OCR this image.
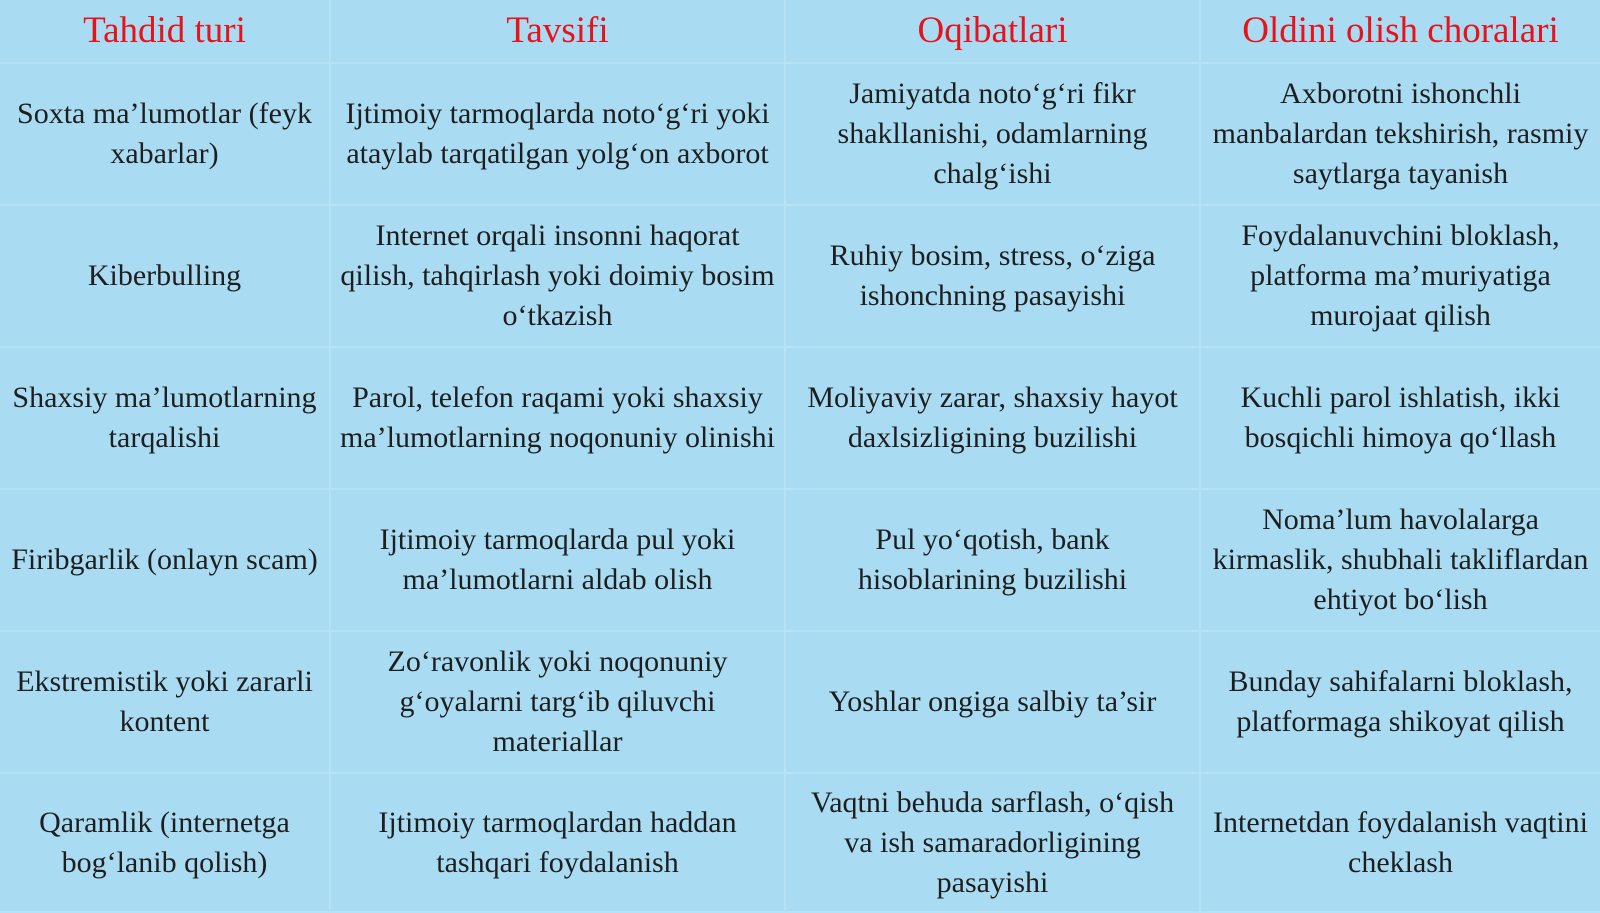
Tahdid turi	Tavsifi	Oqibatlari	Oldini olish choralari
Soxta ma’lumotlar (feyk xabarlar)	Ijtimoiy tarmoqlarda noto‘g‘ri yoki ataylab tarqatilgan yolg‘on axborot	Jamiyatda noto‘g‘ri fikr shakllanishi, odamlarning chalg‘ishi	Axborotni ishonchli manbalardan tekshirish, rasmiy saytlarga tayanish
Kiberbulling	Internet orqali insonni haqorat qilish, tahqirlash yoki doimiy bosim o‘tkazish	Ruhiy bosim, stress, o‘ziga ishonchning pasayishi	Foydalanuvchini bloklash, platforma ma’muriyatiga murojaat qilish
Shaxsiy ma’lumotlarning tarqalishi	Parol, telefon raqami yoki shaxsiy ma’lumotlarning noqonuniy olinishi	Moliyaviy zarar, shaxsiy hayot daxlsizligining buzilishi	Kuchli parol ishlatish, ikki bosqichli himoya qo‘llash
Firibgarlik (onlayn scam)	Ijtimoiy tarmoqlarda pul yoki ma’lumotlarni aldab olish	Pul yo‘qotish, bank hisoblarining buzilishi	Noma’lum havolalarga kirmaslik, shubhali takliflardan ehtiyot bo‘lish
Ekstremistik yoki zararli kontent	Zo‘ravonlik yoki noqonuniy g‘oyalarni targ‘ib qiluvchi materiallar	Yoshlar ongiga salbiy ta’sir	Bunday sahifalarni bloklash, platformaga shikoyat qilish
Qaramlik (internetga bog‘lanib qolish)	Ijtimoiy tarmoqlardan haddan tashqari foydalanish	Vaqtni behuda sarflash, o‘qish va ish samaradorligining pasayishi	Internetdan foydalanish vaqtini cheklash
